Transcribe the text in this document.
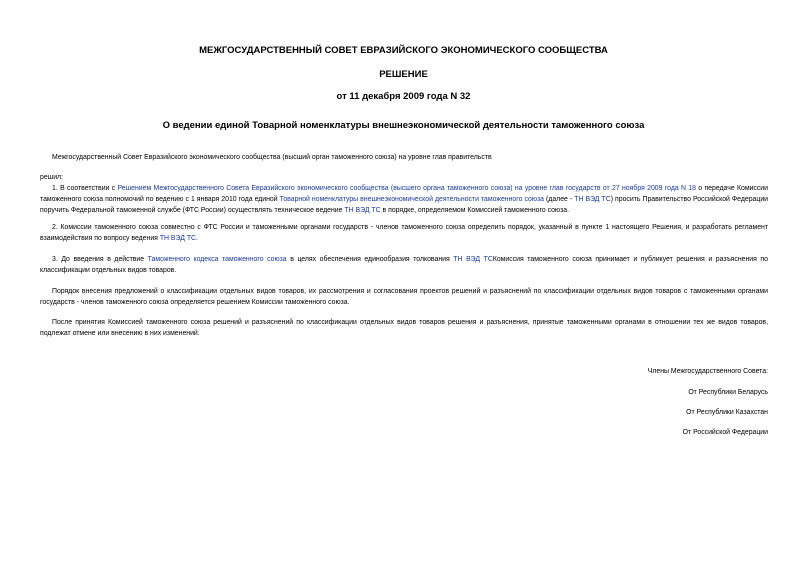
МЕЖГОСУДАРСТВЕННЫЙ СОВЕТ ЕВРАЗИЙСКОГО ЭКОНОМИЧЕСКОГО СООБЩЕСТВА
РЕШЕНИЕ
от 11 декабря 2009 года N 32
О ведении единой Товарной номенклатуры внешнеэкономической деятельности таможенного союза

Межгосударственный Совет Евразийского экономического сообщества (высший орган таможенного союза) на уровне глав правительств

решил:

1. В соответствии с Решением Межгосударственного Совета Евразийского экономического сообщества (высшего органа таможенного союза) на уровне глав государств от 27 ноября 2009 года N 18 о передаче Комиссии таможенного союза полномочий по ведению с 1 января 2010 года единой Товарной номенклатуры внешнеэкономической деятельности таможенного союза (далее - ТН ВЭД ТС) просить Правительство Российской Федерации поручить Федеральной таможенной службе (ФТС России) осуществлять техническое ведение ТН ВЭД ТС в порядке, определяемом Комиссией таможенного союза.

2. Комиссии таможенного союза совместно с ФТС России и таможенными органами государств - членов таможенного союза определить порядок, указанный в пункте 1 настоящего Решения, и разработать регламент взаимодействия по вопросу ведения ТН ВЭД ТС.

3. До введения в действие Таможенного кодекса таможенного союза в целях обеспечения единообразия толкования ТН ВЭД ТСКомиссия таможенного союза принимает и публикует решения и разъяснения по классификации отдельных видов товаров.

Порядок внесения предложений о классификации отдельных видов товаров, их рассмотрения и согласования проектов решений и разъяснений по классификации отдельных видов товаров с таможенными органами государств - членов таможенного союза определяется решением Комиссии таможенного союза.

После принятия Комиссией таможенного союза решений и разъяснений по классификации отдельных видов товаров решения и разъяснения, принятые таможенными органами в отношении тех же видов товаров, подлежат отмене или внесению в них изменений.

Члены Межгосударственного Совета:
От Республики Беларусь
От Республики Казахстан
От Российской Федерации
